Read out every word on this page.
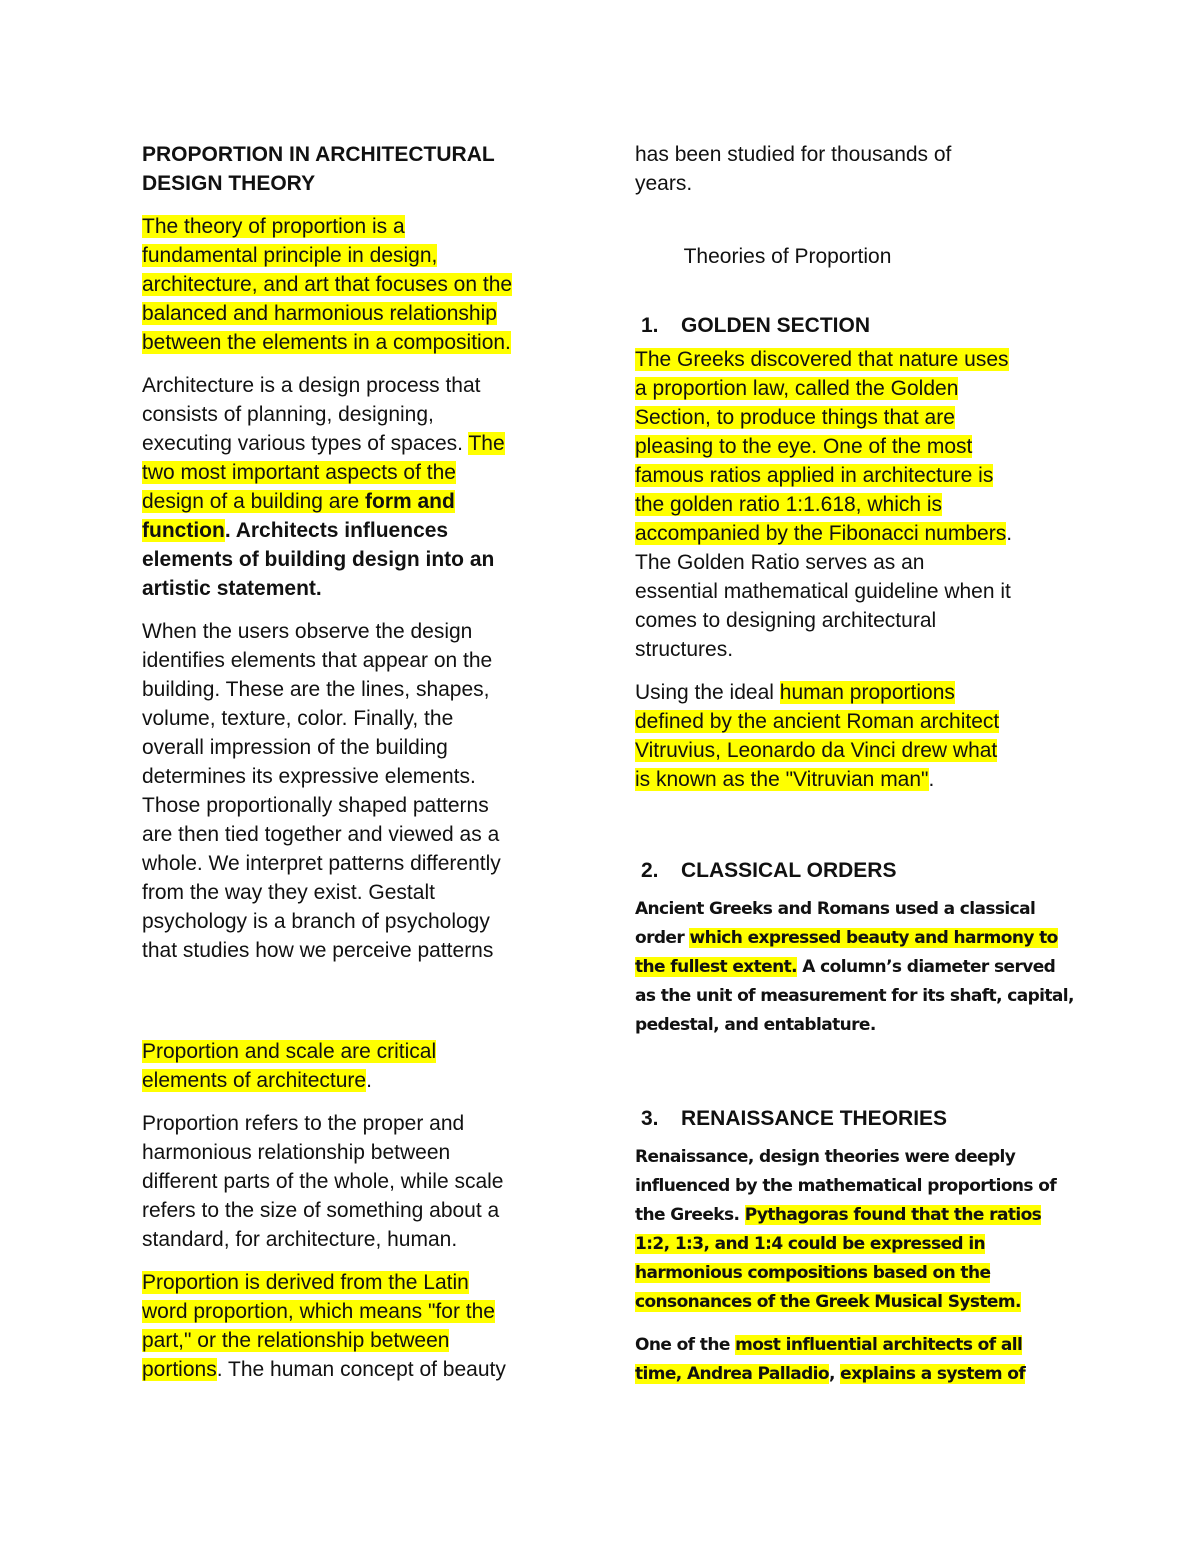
PROPORTION IN ARCHITECTURAL
DESIGN THEORY
The theory of proportion is a
fundamental principle in design,
architecture, and art that focuses on the
balanced and harmonious relationship
between the elements in a composition.
Architecture is a design process that
consists of planning, designing,
executing various types of spaces. The
two most important aspects of the
design of a building are form and
function. Architects influences
elements of building design into an
artistic statement.
When the users observe the design
identifies elements that appear on the
building. These are the lines, shapes,
volume, texture, color. Finally, the
overall impression of the building
determines its expressive elements.
Those proportionally shaped patterns
are then tied together and viewed as a
whole. We interpret patterns differently
from the way they exist. Gestalt
psychology is a branch of psychology
that studies how we perceive patterns
Proportion and scale are critical
elements of architecture.
Proportion refers to the proper and
harmonious relationship between
different parts of the whole, while scale
refers to the size of something about a
standard, for architecture, human.
Proportion is derived from the Latin
word proportion, which means "for the
part," or the relationship between
portions. The human concept of beauty
has been studied for thousands of
years.
Theories of Proportion
1. GOLDEN SECTION
The Greeks discovered that nature uses
a proportion law, called the Golden
Section, to produce things that are
pleasing to the eye. One of the most
famous ratios applied in architecture is
the golden ratio 1:1.618, which is
accompanied by the Fibonacci numbers.
The Golden Ratio serves as an
essential mathematical guideline when it
comes to designing architectural
structures.
Using the ideal human proportions
defined by the ancient Roman architect
Vitruvius, Leonardo da Vinci drew what
is known as the "Vitruvian man".
2. CLASSICAL ORDERS
Ancient Greeks and Romans used a classical
order which expressed beauty and harmony to
the fullest extent. A column’s diameter served
as the unit of measurement for its shaft, capital,
pedestal, and entablature.
3. RENAISSANCE THEORIES
Renaissance, design theories were deeply
influenced by the mathematical proportions of
the Greeks. Pythagoras found that the ratios
1:2, 1:3, and 1:4 could be expressed in
harmonious compositions based on the
consonances of the Greek Musical System.
One of the most influential architects of all
time, Andrea Palladio, explains a system of
